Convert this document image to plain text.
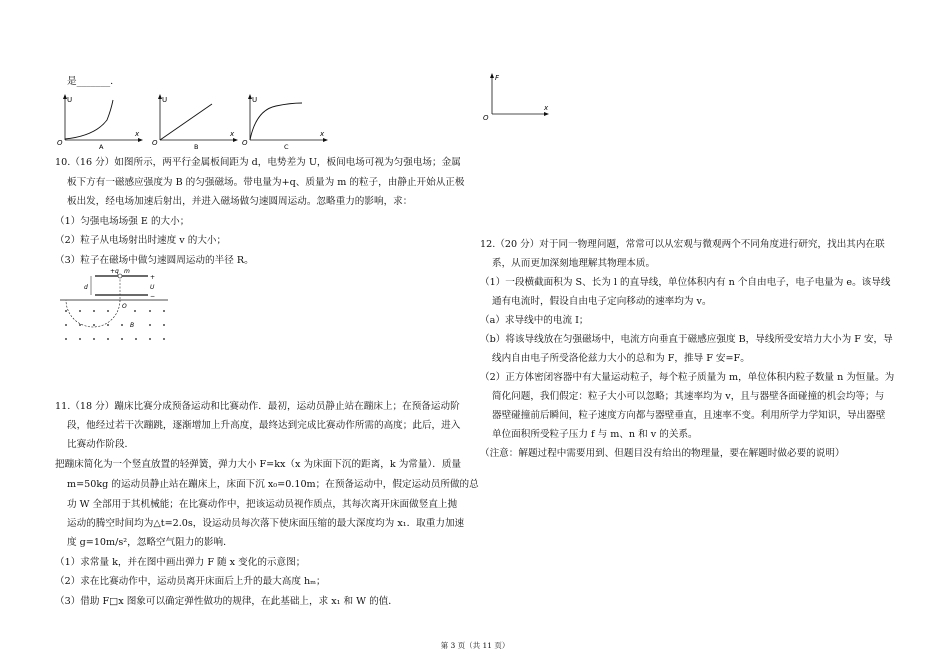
是_______.
U
x
O	A
U
x
O	B
U
x
O	C
10.（16 分）如图所示，两平行金属板间距为 d，电势差为 U，板间电场可视为匀强电场；金属
板下方有一磁感应强度为 B 的匀强磁场。带电量为+q、质量为 m 的粒子，由静止开始从正极
板出发，经电场加速后射出，并进入磁场做匀速圆周运动。忽略重力的影响，求：
（1）匀强电场场强 E 的大小；
（2）粒子从电场射出时速度 v 的大小；
（3）粒子在磁场中做匀速圆周运动的半径 R。
+q m
d	U
+
−
O
B
11.（18 分）蹦床比赛分成预备运动和比赛动作．最初，运动员静止站在蹦床上；在预备运动阶
段，他经过若干次蹦跳，逐渐增加上升高度，最终达到完成比赛动作所需的高度；此后，进入
比赛动作阶段．
把蹦床简化为一个竖直放置的轻弹簧，弹力大小 F=kx（x 为床面下沉的距离，k 为常量）．质量
m=50kg 的运动员静止站在蹦床上，床面下沉 x₀=0.10m；在预备运动中，假定运动员所做的总
功 W 全部用于其机械能；在比赛动作中，把该运动员视作质点，其每次离开床面做竖直上抛
运动的腾空时间均为△t=2.0s，设运动员每次落下使床面压缩的最大深度均为 x₁．取重力加速
度 g=10m/s²，忽略空气阻力的影响．
（1）求常量 k，并在图中画出弹力 F 随 x 变化的示意图；
（2）求在比赛动作中，运动员离开床面后上升的最大高度 hₘ；
（3）借助 F□x 图象可以确定弹性做功的规律，在此基础上，求 x₁ 和 W 的值．
F
x
O
12.（20 分）对于同一物理问题，常常可以从宏观与微观两个不同角度进行研究，找出其内在联
系，从而更加深刻地理解其物理本质。
（1）一段横截面积为 S、长为 l 的直导线，单位体积内有 n 个自由电子，电子电量为 e。该导线
通有电流时，假设自由电子定向移动的速率均为 v。
（a）求导线中的电流 I；
（b）将该导线放在匀强磁场中，电流方向垂直于磁感应强度 B，导线所受安培力大小为 F 安，导
线内自由电子所受洛伦兹力大小的总和为 F，推导 F 安=F。
（2）正方体密闭容器中有大量运动粒子，每个粒子质量为 m，单位体积内粒子数量 n 为恒量。为
简化问题，我们假定：粒子大小可以忽略；其速率均为 v，且与器壁各面碰撞的机会均等；与
器壁碰撞前后瞬间，粒子速度方向都与器壁垂直，且速率不变。利用所学力学知识，导出器壁
单位面积所受粒子压力 f 与 m、n 和 v 的关系。
（注意：解题过程中需要用到、但题目没有给出的物理量，要在解题时做必要的说明）
第 3 页（共 11 页）
